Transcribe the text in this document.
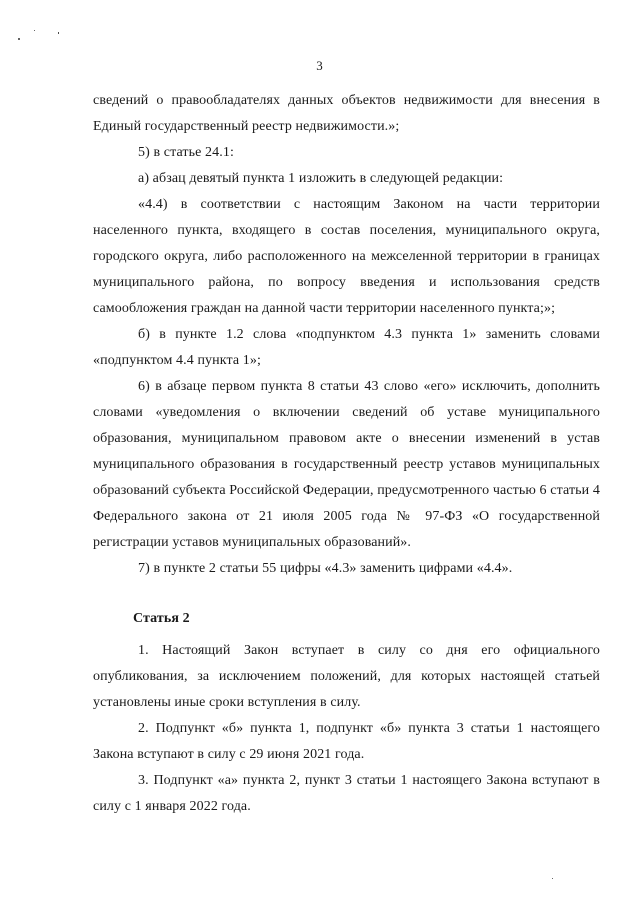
3

сведений о правообладателях данных объектов недвижимости для внесения в Единый государственный реестр недвижимости.»;

5) в статье 24.1:

а) абзац девятый пункта 1 изложить в следующей редакции:

«4.4) в соответствии с настоящим Законом на части территории населенного пункта, входящего в состав поселения, муниципального округа, городского округа, либо расположенного на межселенной территории в границах муниципального района, по вопросу введения и использования средств самообложения граждан на данной части территории населенного пункта;»;

б) в пункте 1.2 слова «подпунктом 4.3 пункта 1» заменить словами «подпунктом 4.4 пункта 1»;

6) в абзаце первом пункта 8 статьи 43 слово «его» исключить, дополнить словами «уведомления о включении сведений об уставе муниципального образования, муниципальном правовом акте о внесении изменений в устав муниципального образования в государственный реестр уставов муниципальных образований субъекта Российской Федерации, предусмотренного частью 6 статьи 4 Федерального закона от 21 июля 2005 года № 97-ФЗ «О государственной регистрации уставов муниципальных образований».

7) в пункте 2 статьи 55 цифры «4.3» заменить цифрами «4.4».

Статья 2

1. Настоящий Закон вступает в силу со дня его официального опубликования, за исключением положений, для которых настоящей статьей установлены иные сроки вступления в силу.

2. Подпункт «б» пункта 1, подпункт «б» пункта 3 статьи 1 настоящего Закона вступают в силу с 29 июня 2021 года.

3. Подпункт «а» пункта 2, пункт 3 статьи 1 настоящего Закона вступают в силу с 1 января 2022 года.
